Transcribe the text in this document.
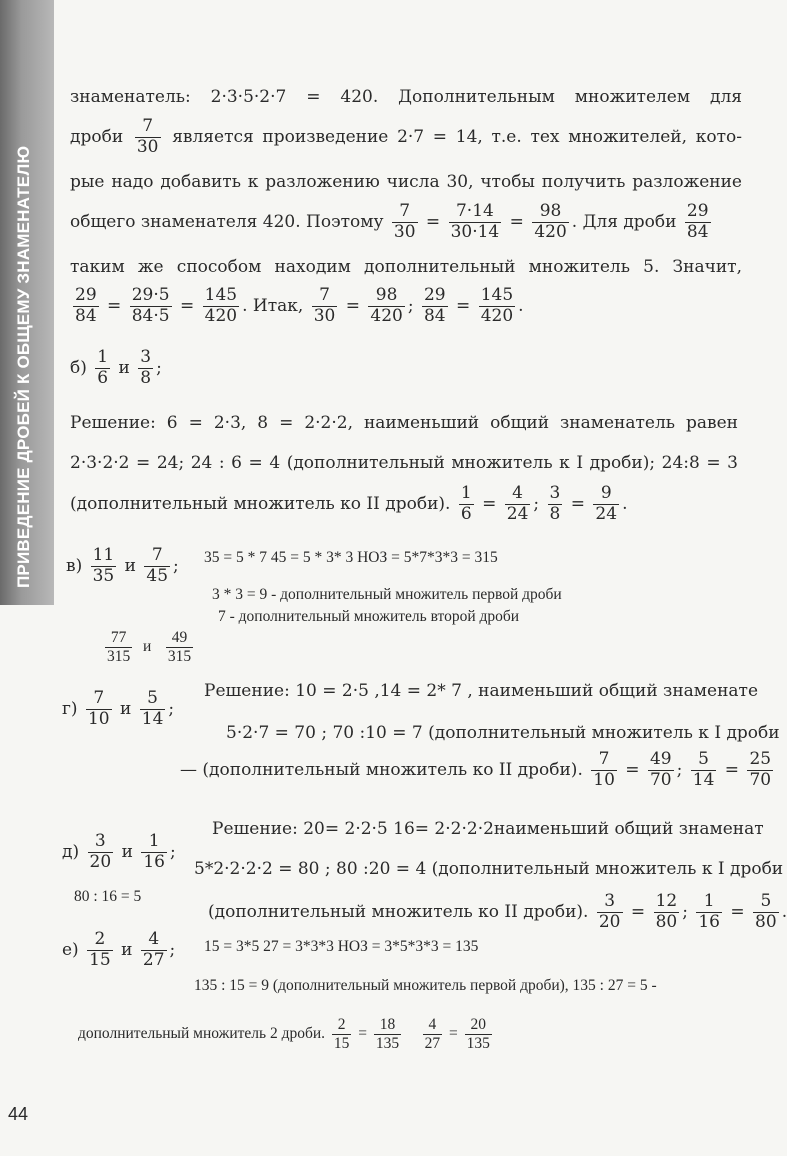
ПРИВЕДЕНИЕ ДРОБЕЙ К ОБЩЕМУ ЗНАМЕНАТЕЛЮ
знаменатель: 2·3·5·2·7 = 420. Дополнительным множителем для
дроби $\frac{7}{30}$ является произведение 2·7 = 14, т.е. тех множителей, кото-
рые надо добавить к разложению числа 30, чтобы получить разложение
общего знаменателя 420. Поэтому $\frac{7}{30} = \frac{7\cdot 14}{30\cdot 14} = \frac{98}{420}$ . Для дроби $\frac{29}{84}$
таким же способом находим дополнительный множитель 5. Значит,
$\frac{29}{84} = \frac{29\cdot 5}{84\cdot 5} = \frac{145}{420}$ . Итак, $\frac{7}{30} = \frac{98}{420}$ ; $\frac{29}{84} = \frac{145}{420}$ .
$б) \frac{1}{6}$ и $\frac{3}{8}$ ;
Решение: 6 = 2·3, 8 = 2·2·2, наименьший общий знаменатель равен
2·3·2·2 = 24; 24 : 6 = 4 (дополнительный множитель к I дроби); 24:8 = 3
(дополнительный множитель ко II дроби). $\frac{1}{6} = \frac{4}{24}$ ; $\frac{3}{8} = \frac{9}{24}$ .
$в) \frac{11}{35}$ и $\frac{7}{45}$ ; 35 = 5 * 7 45 = 5 * 3* 3 НОЗ = 5*7*3*3 = 315
3 * 3 = 9 - дополнительный множитель первой дроби
7 - дополнительный множитель второй дроби
$\frac{77}{315}$ и $\frac{49}{315}$
$г) \frac{7}{10}$ и $\frac{5}{14}$ ;
Решение: 10 = 2·5 ,14 = 2* 7 , наименьший общий знаменате
5·2·7 = 70 ; 70 :10 = 7 (дополнительный множитель к I дроби
— (дополнительный множитель ко II дроби). $\frac{7}{10} = \frac{49}{70}$ ; $\frac{5}{14} = \frac{25}{70}$
$д) \frac{3}{20}$ и $\frac{1}{16}$ ;
Решение: 20= 2·2·5 16= 2·2·2·2наименьший общий знаменат
5*2·2·2·2 = 80 ; 80 :20 = 4 (дополнительный множитель к I дроби
80 : 16 = 5
(дополнительный множитель ко II дроби). $\frac{3}{20} = \frac{12}{80}$ ; $\frac{1}{16} = \frac{5}{80}$ .
$е) \frac{2}{15}$ и $\frac{4}{27}$ ; 15 = 3*5 27 = 3*3*3 НОЗ = 3*5*3*3 = 135
135 : 15 = 9 (дополнительный множитель первой дроби), 135 : 27 = 5 -
дополнительный множитель 2 дроби. $\frac{2}{15} = \frac{18}{135}$
$\frac{4}{27} = \frac{20}{135}$
44
